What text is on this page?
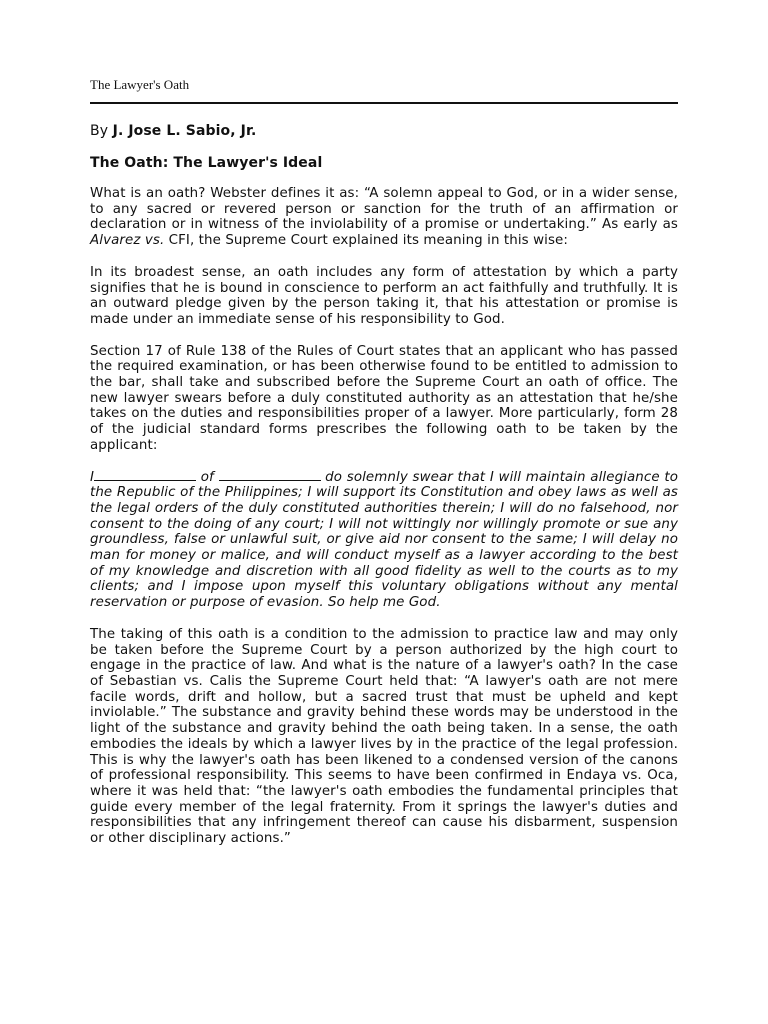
The Lawyer's Oath

By J. Jose L. Sabio, Jr.

The Oath: The Lawyer's Ideal

What is an oath? Webster defines it as: “A solemn appeal to God, or in a wider sense, to any sacred or revered person or sanction for the truth of an affirmation or declaration or in witness of the inviolability of a promise or undertaking.” As early as Alvarez vs. CFI, the Supreme Court explained its meaning in this wise:

In its broadest sense, an oath includes any form of attestation by which a party signifies that he is bound in conscience to perform an act faithfully and truthfully. It is an outward pledge given by the person taking it, that his attestation or promise is made under an immediate sense of his responsibility to God.

Section 17 of Rule 138 of the Rules of Court states that an applicant who has passed the required examination, or has been otherwise found to be entitled to admission to the bar, shall take and subscribed before the Supreme Court an oath of office. The new lawyer swears before a duly constituted authority as an attestation that he/she takes on the duties and responsibilities proper of a lawyer. More particularly, form 28 of the judicial standard forms prescribes the following oath to be taken by the applicant:

I	of	do solemnly swear that I will maintain allegiance to the Republic of the Philippines; I will support its Constitution and obey laws as well as the legal orders of the duly constituted authorities therein; I will do no falsehood, nor consent to the doing of any court; I will not wittingly nor willingly promote or sue any groundless, false or unlawful suit, or give aid nor consent to the same; I will delay no man for money or malice, and will conduct myself as a lawyer according to the best of my knowledge and discretion with all good fidelity as well to the courts as to my clients; and I impose upon myself this voluntary obligations without any mental reservation or purpose of evasion. So help me God.

The taking of this oath is a condition to the admission to practice law and may only be taken before the Supreme Court by a person authorized by the high court to engage in the practice of law. And what is the nature of a lawyer's oath? In the case of Sebastian vs. Calis the Supreme Court held that: “A lawyer's oath are not mere facile words, drift and hollow, but a sacred trust that must be upheld and kept inviolable.” The substance and gravity behind these words may be understood in the light of the substance and gravity behind the oath being taken. In a sense, the oath embodies the ideals by which a lawyer lives by in the practice of the legal profession. This is why the lawyer's oath has been likened to a condensed version of the canons of professional responsibility. This seems to have been confirmed in Endaya vs. Oca, where it was held that: “the lawyer's oath embodies the fundamental principles that guide every member of the legal fraternity. From it springs the lawyer's duties and responsibilities that any infringement thereof can cause his disbarment, suspension or other disciplinary actions.”
